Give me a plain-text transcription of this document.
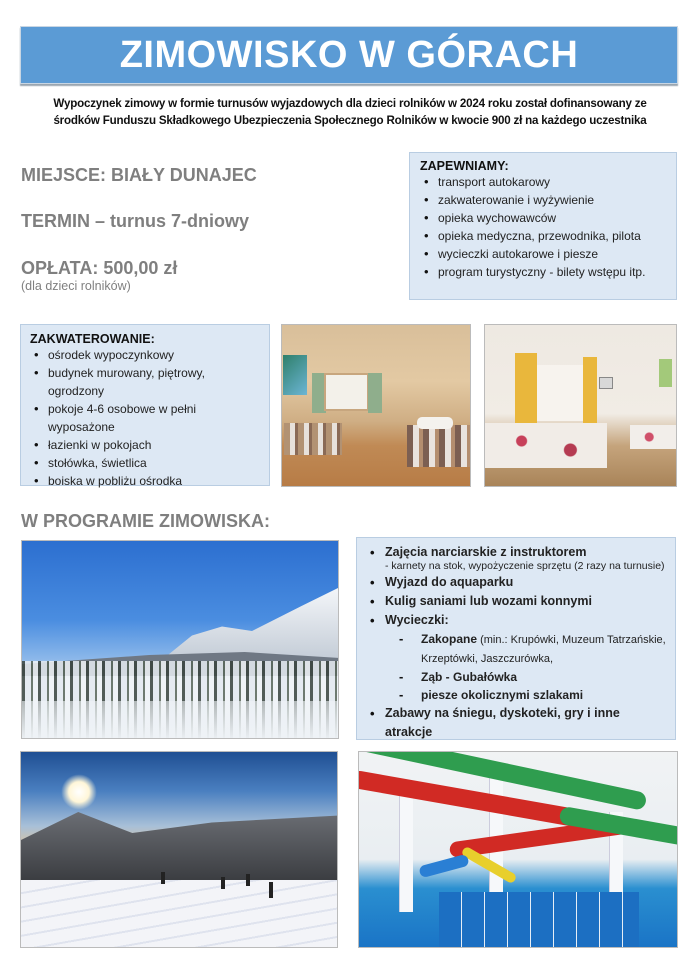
ZIMOWISKO W GÓRACH
Wypoczynek zimowy w formie turnusów wyjazdowych dla dzieci rolników w 2024 roku został dofinansowany ze
środków Funduszu Składkowego Ubezpieczenia Społecznego Rolników w kwocie 900 zł na każdego uczestnika
MIEJSCE: BIAŁY DUNAJEC
TERMIN – turnus 7-dniowy
OPŁATA: 500,00 zł
(dla dzieci rolników)
ZAPEWNIAMY:
• transport autokarowy
• zakwaterowanie i wyżywienie
• opieka wychowawców
• opieka medyczna, przewodnika, pilota
• wycieczki autokarowe i piesze
• program turystyczny - bilety wstępu itp.
ZAKWATEROWANIE:
• ośrodek wypoczynkowy
• budynek murowany, piętrowy, ogrodzony
• pokoje 4-6 osobowe w pełni wyposażone
• łazienki w pokojach
• stołówka, świetlica
• boiska w pobliżu ośrodka
W PROGRAMIE ZIMOWISKA:
• Zajęcia narciarskie z instruktorem
- karnety na stok, wypożyczenie sprzętu (2 razy na turnusie)
• Wyjazd do aquaparku
• Kulig saniami lub wozami konnymi
• Wycieczki:
- Zakopane (min.: Krupówki, Muzeum Tatrzańskie, Krzeptówki, Jaszczurówka,
- Ząb - Gubałówka
- piesze okolicznymi szlakami
• Zabawy na śniegu, dyskoteki, gry i inne atrakcje
